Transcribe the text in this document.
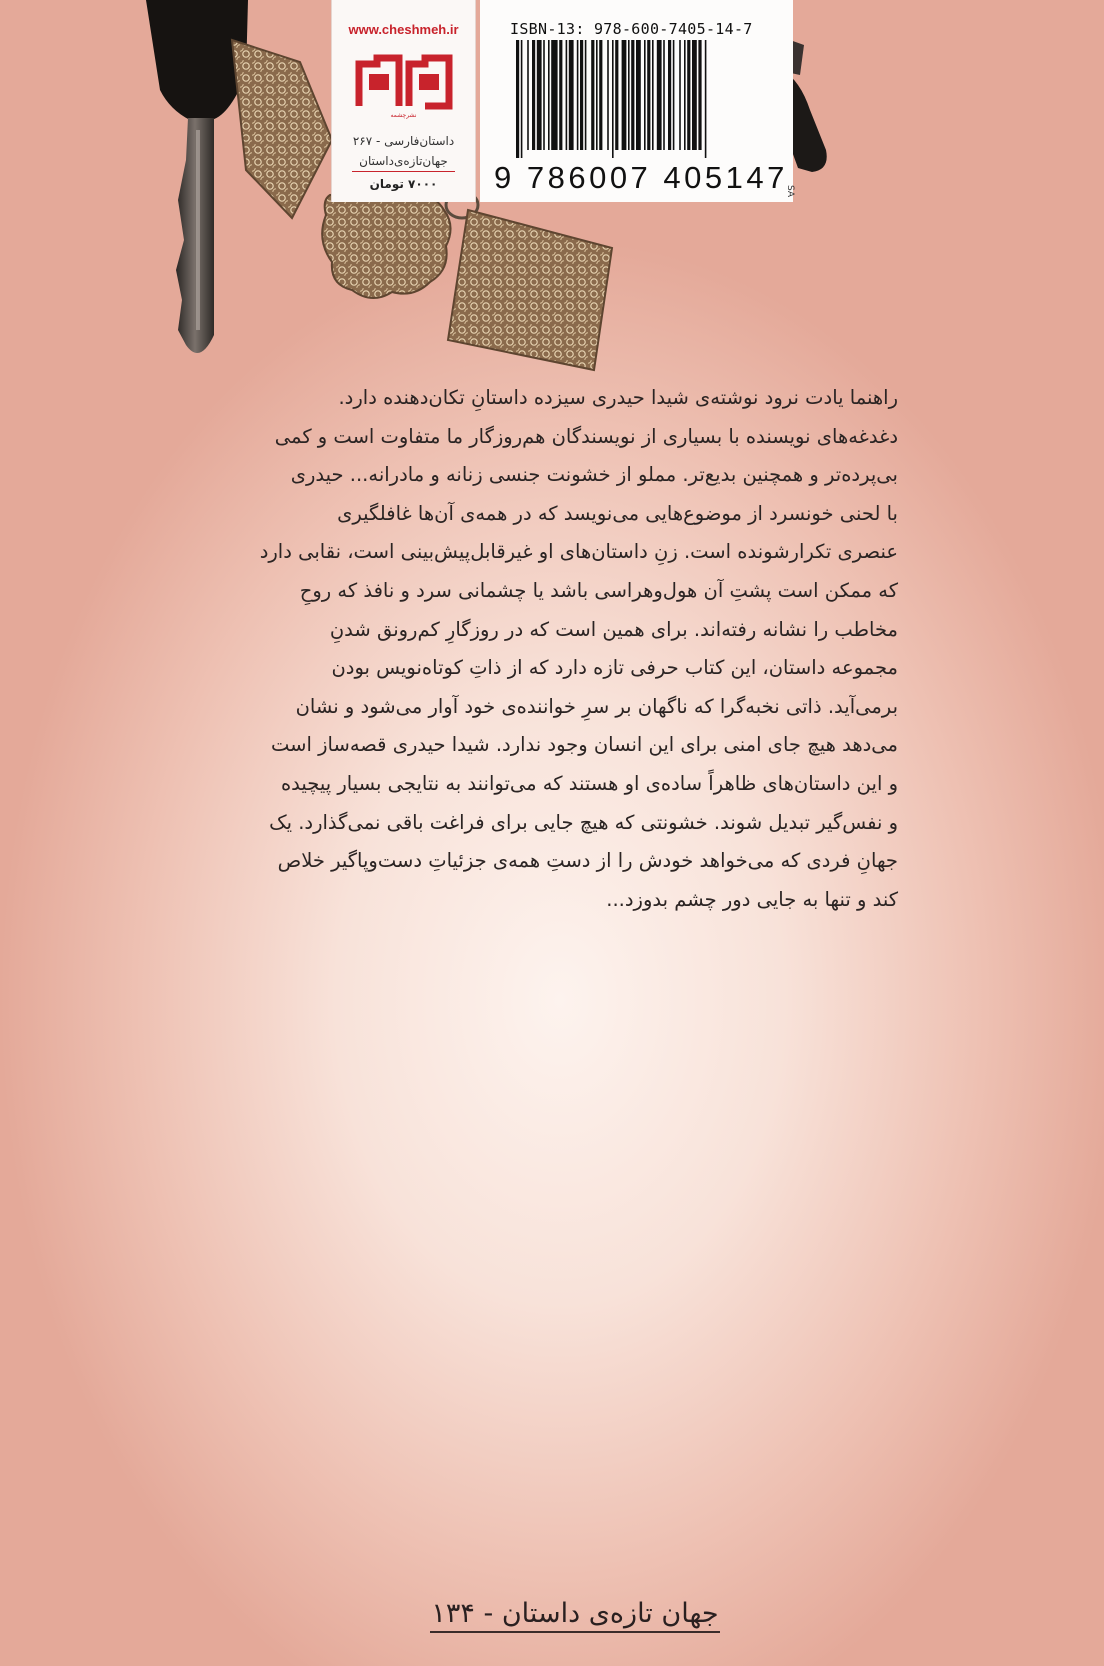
www.cheshmeh.ir
نشرچشمه
داستان‌فارسی - ۲۶۷
جهان‌تازه‌ی‌داستان
۷۰۰۰ تومان
ISBN-13: 978-600-7405-14-7
9 786007 405147
SA
راهنما یادت نرود نوشته‌ی شیدا حیدری سیزده داستانِ تکان‌دهنده دارد.
دغدغه‌های نویسنده با بسیاری از نویسندگان هم‌روزگار ما متفاوت است و کمی
بی‌پرده‌تر و همچنین بدیع‌تر. مملو از خشونت جنسی زنانه و مادرانه... حیدری
با لحنی خونسرد از موضوع‌هایی می‌نویسد که در همه‌ی آن‌ها غافلگیری
عنصری تکرارشونده است. زنِ داستان‌های او غیرقابل‌پیش‌بینی است، نقابی دارد
که ممکن است پشتِ آن هول‌وهراسی باشد یا چشمانی سرد و نافذ که روحِ
مخاطب را نشانه رفته‌اند. برای همین است که در روزگارِ کم‌رونق شدنِ
مجموعه داستان، این کتاب حرفی تازه دارد که از ذاتِ کوتاه‌نویس بودن
برمی‌آید. ذاتی نخبه‌گرا که ناگهان بر سرِ خواننده‌ی خود آوار می‌شود و نشان
می‌دهد هیچ جای امنی برای این انسان وجود ندارد. شیدا حیدری قصه‌ساز است
و این داستان‌های ظاهراً ساده‌ی او هستند که می‌توانند به نتایجی بسیار پیچیده
و نفس‌گیر تبدیل شوند. خشونتی که هیچ جایی برای فراغت باقی نمی‌گذارد. یک
جهانِ فردی که می‌خواهد خودش را از دستِ همه‌ی جزئیاتِ دست‌وپاگیر خلاص
کند و تنها به جایی دور چشم بدوزد...
جهان تازه‌ی داستان - ۱۳۴
